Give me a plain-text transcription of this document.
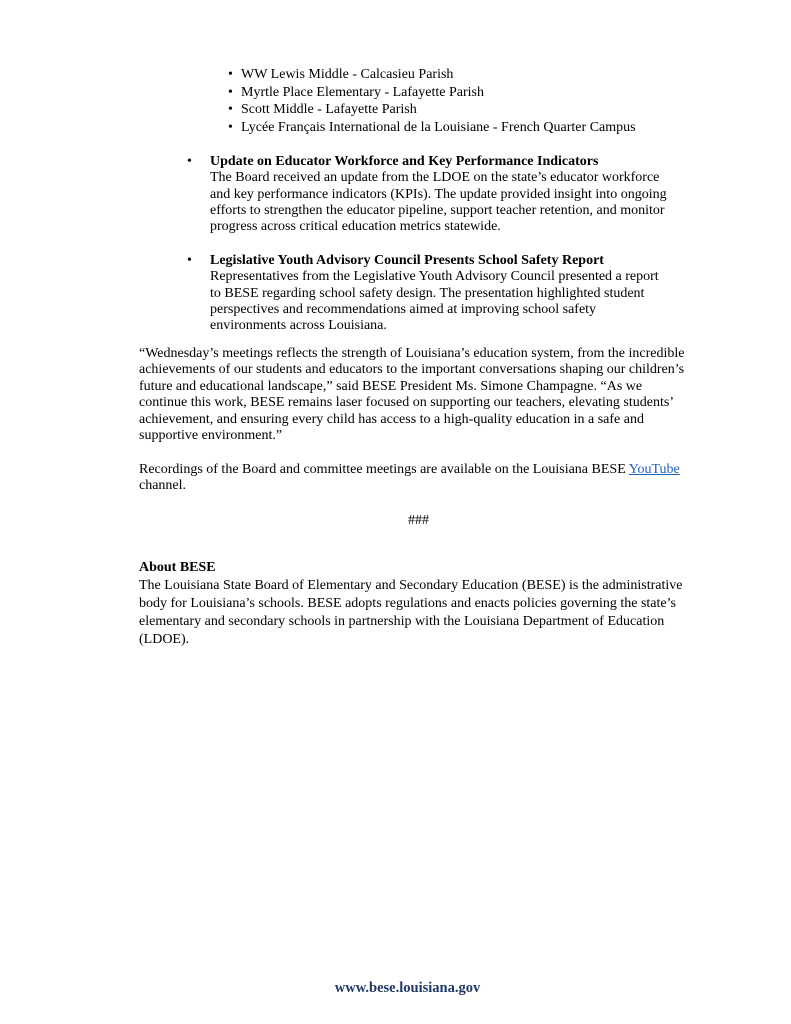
• WW Lewis Middle - Calcasieu Parish
• Myrtle Place Elementary - Lafayette Parish
• Scott Middle - Lafayette Parish
• Lycée Français International de la Louisiane - French Quarter Campus
• Update on Educator Workforce and Key Performance Indicators
The Board received an update from the LDOE on the state’s educator workforce
and key performance indicators (KPIs). The update provided insight into ongoing
efforts to strengthen the educator pipeline, support teacher retention, and monitor
progress across critical education metrics statewide.
• Legislative Youth Advisory Council Presents School Safety Report
Representatives from the Legislative Youth Advisory Council presented a report
to BESE regarding school safety design. The presentation highlighted student
perspectives and recommendations aimed at improving school safety
environments across Louisiana.
“Wednesday’s meetings reflects the strength of Louisiana’s education system, from the incredible
achievements of our students and educators to the important conversations shaping our children’s
future and educational landscape,” said BESE President Ms. Simone Champagne. “As we
continue this work, BESE remains laser focused on supporting our teachers, elevating students’
achievement, and ensuring every child has access to a high-quality education in a safe and
supportive environment.”
Recordings of the Board and committee meetings are available on the Louisiana BESE YouTube
channel.
###
About BESE
The Louisiana State Board of Elementary and Secondary Education (BESE) is the administrative
body for Louisiana’s schools. BESE adopts regulations and enacts policies governing the state’s
elementary and secondary schools in partnership with the Louisiana Department of Education
(LDOE).
www.bese.louisiana.gov
